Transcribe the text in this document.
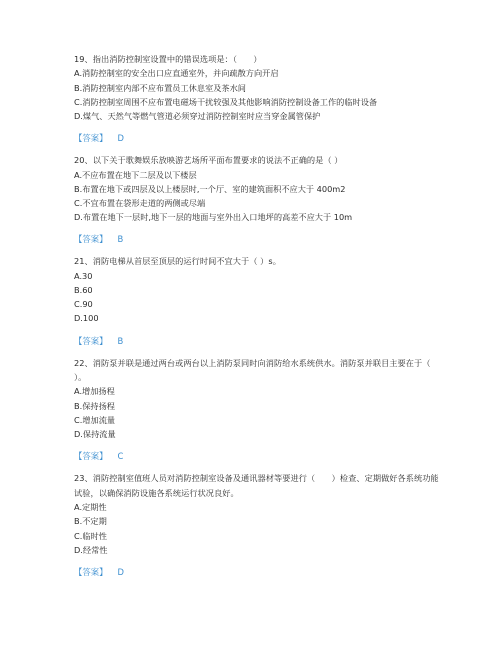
19、指出消防控制室设置中的错误选项是：（　　）
A.消防控制室的安全出口应直通室外，并向疏散方向开启
B.消防控制室内部不应布置员工休息室及茶水间
C.消防控制室周围不应布置电磁场干扰较强及其他影响消防控制设备工作的临时设备
D.煤气、天然气等燃气管道必须穿过消防控制室时应当穿金属管保护
【答案】 D
20、以下关于歌舞娱乐放映游艺场所平面布置要求的说法不正确的是（ ）
A.不应布置在地下二层及以下楼层
B.布置在地下或四层及以上楼层时,一个厅、室的建筑面积不应大于 400m2
C.不宜布置在袋形走道的两侧或尽端
D.布置在地下一层时,地下一层的地面与室外出入口地坪的高差不应大于 10m
【答案】 B
21、消防电梯从首层至顶层的运行时间不宜大于（ ）s。
A.30
B.60
C.90
D.100
【答案】 B
22、消防泵并联是通过两台或两台以上消防泵同时向消防给水系统供水。消防泵并联目主要在于（ ）。
A.增加扬程
B.保持扬程
C.增加流量
D.保持流量
【答案】 C
23、消防控制室值班人员对消防控制室设备及通讯器材等要进行（　　）检查、定期做好各系统功能试验，以确保消防设施各系统运行状况良好。
A.定期性
B.不定期
C.临时性
D.经常性
【答案】 D
